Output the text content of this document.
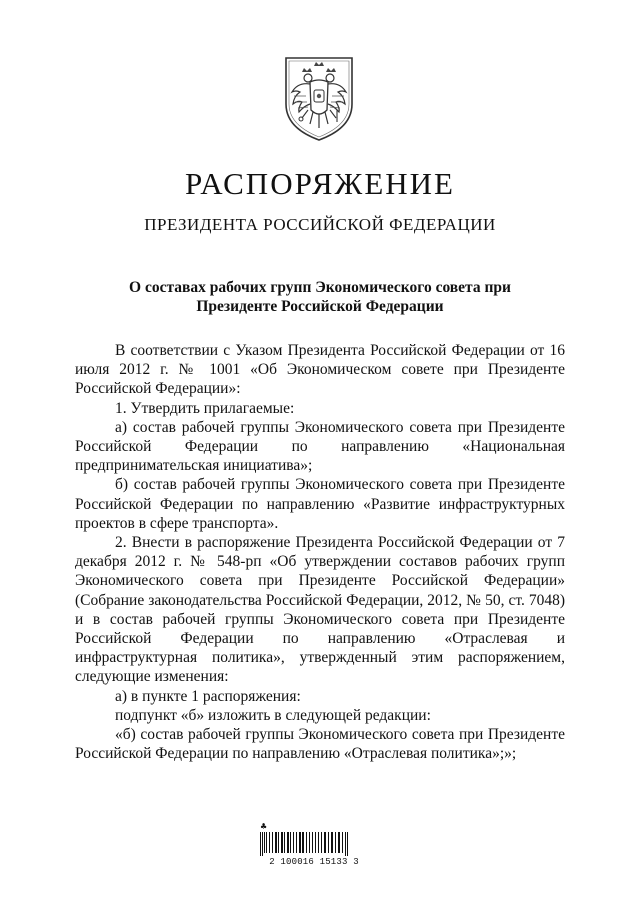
РАСПОРЯЖЕНИЕ
ПРЕЗИДЕНТА РОССИЙСКОЙ ФЕДЕРАЦИИ
О составах рабочих групп Экономического совета при
Президенте Российской Федерации

В соответствии с Указом Президента Российской Федерации от 16 июля 2012 г. № 1001 «Об Экономическом совете при Президенте Российской Федерации»:

1. Утвердить прилагаемые:

а) состав рабочей группы Экономического совета при Президенте Российской Федерации по направлению «Национальная предпринимательская инициатива»;

б) состав рабочей группы Экономического совета при Президенте Российской Федерации по направлению «Развитие инфраструктурных проектов в сфере транспорта».

2. Внести в распоряжение Президента Российской Федерации от 7 декабря 2012 г. № 548-рп «Об утверждении составов рабочих групп Экономического совета при Президенте Российской Федерации» (Собрание законодательства Российской Федерации, 2012, № 50, ст. 7048) и в состав рабочей группы Экономического совета при Президенте Российской Федерации по направлению «Отраслевая и инфраструктурная политика», утвержденный этим распоряжением, следующие изменения:

а) в пункте 1 распоряжения:

подпункт «б» изложить в следующей редакции:

«б) состав рабочей группы Экономического совета при Президенте Российской Федерации по направлению «Отраслевая политика»;»;

♣
2 100016 15133 3
